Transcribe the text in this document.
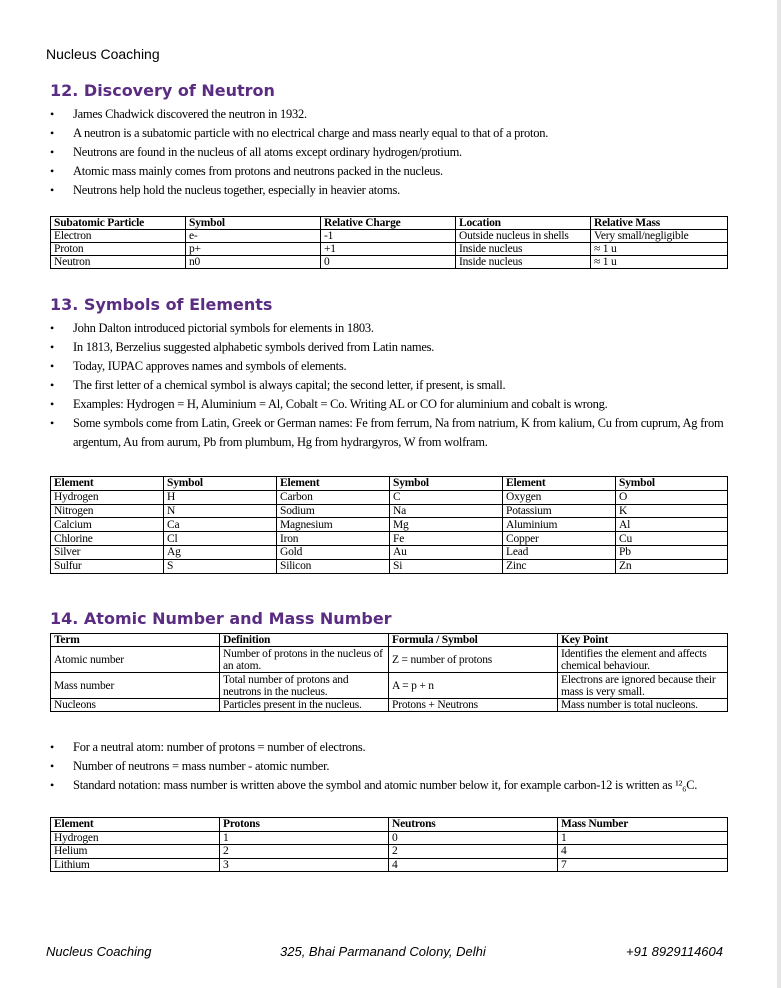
Nucleus Coaching
12. Discovery of Neutron
• James Chadwick discovered the neutron in 1932.
• A neutron is a subatomic particle with no electrical charge and mass nearly equal to that of a proton.
• Neutrons are found in the nucleus of all atoms except ordinary hydrogen/protium.
• Atomic mass mainly comes from protons and neutrons packed in the nucleus.
• Neutrons help hold the nucleus together, especially in heavier atoms.
Subatomic Particle	Symbol	Relative Charge	Location	Relative Mass
Electron	e-	-1	Outside nucleus in shells	Very small/negligible
Proton	p+	+1	Inside nucleus	≈ 1 u
Neutron	n0	0	Inside nucleus	≈ 1 u
13. Symbols of Elements
• John Dalton introduced pictorial symbols for elements in 1803.
• In 1813, Berzelius suggested alphabetic symbols derived from Latin names.
• Today, IUPAC approves names and symbols of elements.
• The first letter of a chemical symbol is always capital; the second letter, if present, is small.
• Examples: Hydrogen = H, Aluminium = Al, Cobalt = Co. Writing AL or CO for aluminium and cobalt is wrong.
• Some symbols come from Latin, Greek or German names: Fe from ferrum, Na from natrium, K from kalium, Cu from cuprum, Ag from argentum, Au from aurum, Pb from plumbum, Hg from hydrargyros, W from wolfram.
Element	Symbol	Element	Symbol	Element	Symbol
Hydrogen	H	Carbon	C	Oxygen	O
Nitrogen	N	Sodium	Na	Potassium	K
Calcium	Ca	Magnesium	Mg	Aluminium	Al
Chlorine	Cl	Iron	Fe	Copper	Cu
Silver	Ag	Gold	Au	Lead	Pb
Sulfur	S	Silicon	Si	Zinc	Zn
14. Atomic Number and Mass Number
Term	Definition	Formula / Symbol	Key Point
Atomic number	Number of protons in the nucleus of an atom.	Z = number of protons	Identifies the element and affects chemical behaviour.
Mass number	Total number of protons and neutrons in the nucleus.	A = p + n	Electrons are ignored because their mass is very small.
Nucleons	Particles present in the nucleus.	Protons + Neutrons	Mass number is total nucleons.
• For a neutral atom: number of protons = number of electrons.
• Number of neutrons = mass number - atomic number.
• Standard notation: mass number is written above the symbol and atomic number below it, for example carbon-12 is written as ¹²₆C.
Element	Protons	Neutrons	Mass Number
Hydrogen	1	0	1
Helium	2	2	4
Lithium	3	4	7
Nucleus Coaching	325, Bhai Parmanand Colony, Delhi	+91 8929114604
